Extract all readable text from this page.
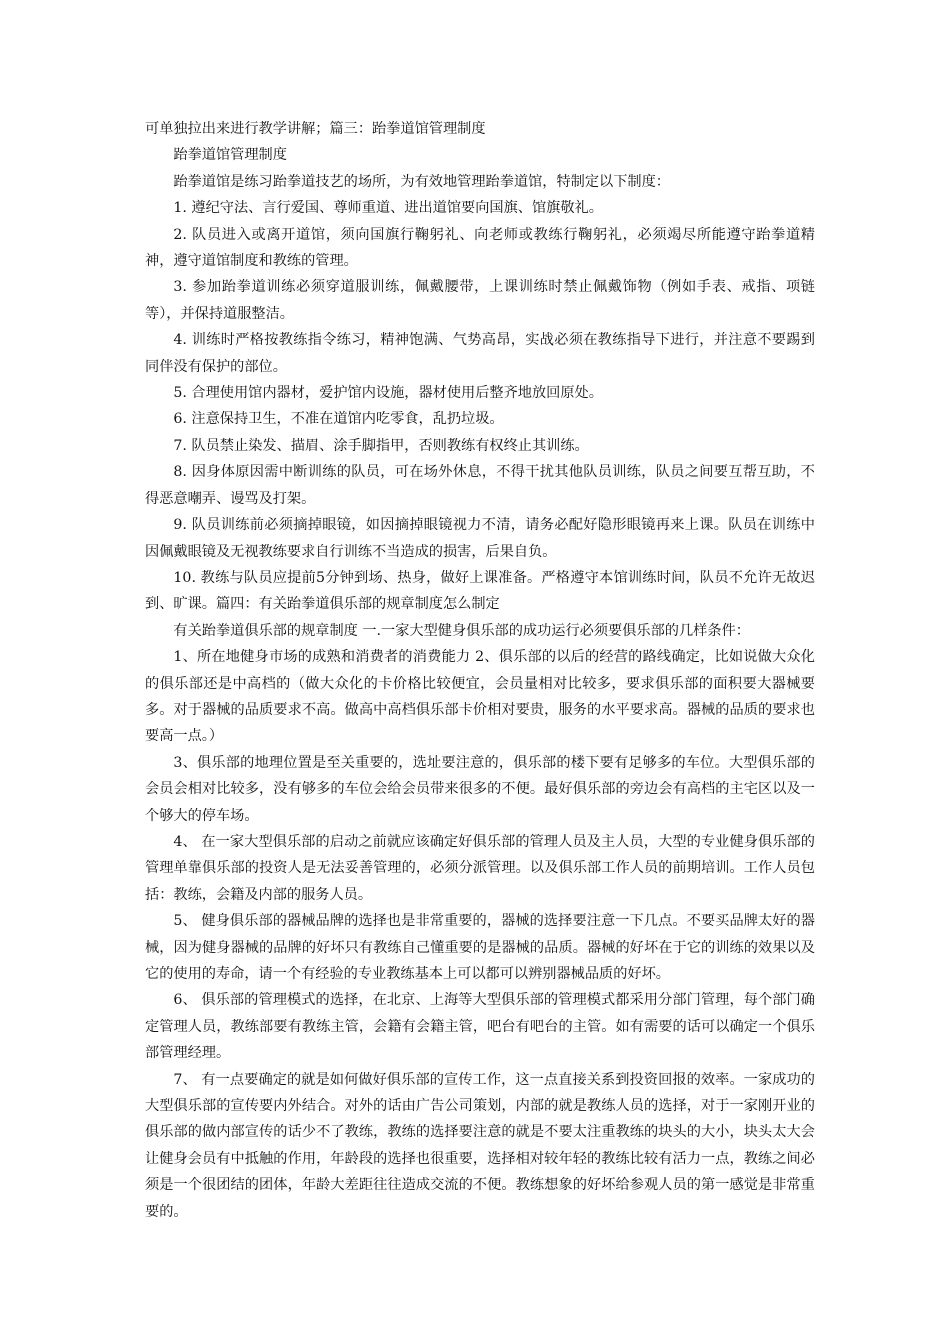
可单独拉出来进行教学讲解；篇三：跆拳道馆管理制度

跆拳道馆管理制度

跆拳道馆是练习跆拳道技艺的场所，为有效地管理跆拳道馆，特制定以下制度：

1. 遵纪守法、言行爱国、尊师重道、进出道馆要向国旗、馆旗敬礼。

2. 队员进入或离开道馆，须向国旗行鞠躬礼、向老师或教练行鞠躬礼，必须竭尽所能遵守跆拳道精神，遵守道馆制度和教练的管理。

3. 参加跆拳道训练必须穿道服训练，佩戴腰带，上课训练时禁止佩戴饰物（例如手表、戒指、项链等），并保持道服整洁。

4. 训练时严格按教练指令练习，精神饱满、气势高昂，实战必须在教练指导下进行，并注意不要踢到同伴没有保护的部位。

5. 合理使用馆内器材，爱护馆内设施，器材使用后整齐地放回原处。

6. 注意保持卫生，不准在道馆内吃零食，乱扔垃圾。

7. 队员禁止染发、描眉、涂手脚指甲，否则教练有权终止其训练。

8. 因身体原因需中断训练的队员，可在场外休息，不得干扰其他队员训练，队员之间要互帮互助，不得恶意嘲弄、谩骂及打架。

9. 队员训练前必须摘掉眼镜，如因摘掉眼镜视力不清，请务必配好隐形眼镜再来上课。队员在训练中因佩戴眼镜及无视教练要求自行训练不当造成的损害，后果自负。

10. 教练与队员应提前5分钟到场、热身，做好上课准备。严格遵守本馆训练时间，队员不允许无故迟到、旷课。篇四：有关跆拳道俱乐部的规章制度怎么制定

有关跆拳道俱乐部的规章制度 一.一家大型健身俱乐部的成功运行必须要俱乐部的几样条件：

1、所在地健身市场的成熟和消费者的消费能力 2、俱乐部的以后的经营的路线确定，比如说做大众化的俱乐部还是中高档的（做大众化的卡价格比较便宜，会员量相对比较多，要求俱乐部的面积要大器械要多。对于器械的品质要求不高。做高中高档俱乐部卡价相对要贵，服务的水平要求高。器械的品质的要求也要高一点。）

3、俱乐部的地理位置是至关重要的，选址要注意的，俱乐部的楼下要有足够多的车位。大型俱乐部的会员会相对比较多，没有够多的车位会给会员带来很多的不便。最好俱乐部的旁边会有高档的主宅区以及一个够大的停车场。

4、 在一家大型俱乐部的启动之前就应该确定好俱乐部的管理人员及主人员，大型的专业健身俱乐部的管理单靠俱乐部的投资人是无法妥善管理的，必须分派管理。以及俱乐部工作人员的前期培训。工作人员包括：教练，会籍及内部的服务人员。

5、 健身俱乐部的器械品牌的选择也是非常重要的，器械的选择要注意一下几点。不要买品牌太好的器械，因为健身器械的品牌的好坏只有教练自己懂重要的是器械的品质。器械的好坏在于它的训练的效果以及它的使用的寿命，请一个有经验的专业教练基本上可以都可以辨别器械品质的好坏。

6、 俱乐部的管理模式的选择，在北京、上海等大型俱乐部的管理模式都采用分部门管理，每个部门确定管理人员，教练部要有教练主管，会籍有会籍主管，吧台有吧台的主管。如有需要的话可以确定一个俱乐部管理经理。

7、 有一点要确定的就是如何做好俱乐部的宣传工作，这一点直接关系到投资回报的效率。一家成功的大型俱乐部的宣传要内外结合。对外的话由广告公司策划，内部的就是教练人员的选择，对于一家刚开业的俱乐部的做内部宣传的话少不了教练，教练的选择要注意的就是不要太注重教练的块头的大小，块头太大会让健身会员有中抵触的作用，年龄段的选择也很重要，选择相对较年轻的教练比较有活力一点，教练之间必须是一个很团结的团体，年龄大差距往往造成交流的不便。教练想象的好坏给参观人员的第一感觉是非常重要的。
